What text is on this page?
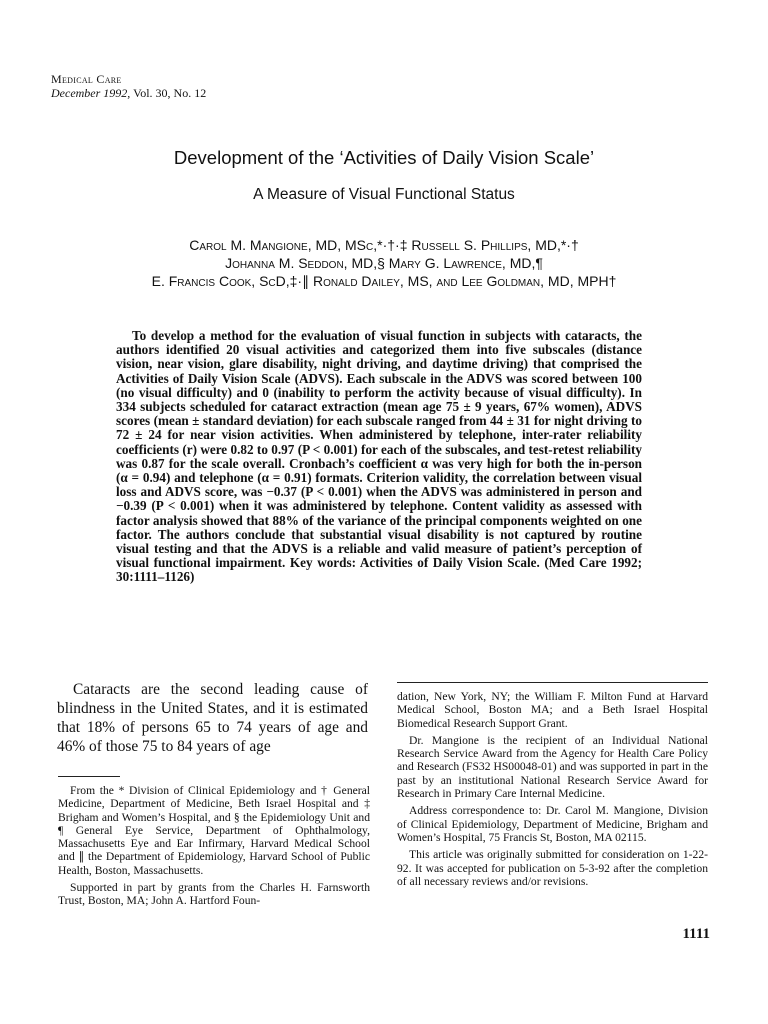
Medical Care
December 1992, Vol. 30, No. 12
Development of the ‘Activities of Daily Vision Scale’
A Measure of Visual Functional Status
Carol M. Mangione, MD, MSc,*·†·‡ Russell S. Phillips, MD,*·†
Johanna M. Seddon, MD,§ Mary G. Lawrence, MD,¶
E. Francis Cook, ScD,‡·∥ Ronald Dailey, MS, and Lee Goldman, MD, MPH†

To develop a method for the evaluation of visual function in subjects with cataracts, the authors identified 20 visual activities and categorized them into five subscales (distance vision, near vision, glare disability, night driving, and daytime driving) that comprised the Activities of Daily Vision Scale (ADVS). Each subscale in the ADVS was scored between 100 (no visual difficulty) and 0 (inability to perform the activity because of visual difficulty). In 334 subjects scheduled for cataract extraction (mean age 75 ± 9 years, 67% women), ADVS scores (mean ± standard deviation) for each subscale ranged from 44 ± 31 for night driving to 72 ± 24 for near vision activities. When administered by telephone, inter-rater reliability coefficients (r) were 0.82 to 0.97 (P < 0.001) for each of the subscales, and test-retest reliability was 0.87 for the scale overall. Cronbach’s coefficient α was very high for both the in-person (α = 0.94) and telephone (α = 0.91) formats. Criterion validity, the correlation between visual loss and ADVS score, was −0.37 (P < 0.001) when the ADVS was administered in person and −0.39 (P < 0.001) when it was administered by telephone. Content validity as assessed with factor analysis showed that 88% of the variance of the principal components weighted on one factor. The authors conclude that substantial visual disability is not captured by routine visual testing and that the ADVS is a reliable and valid measure of patient’s perception of visual functional impairment. Key words: Activities of Daily Vision Scale. (Med Care 1992; 30:1111–1126)

Cataracts are the second leading cause of blindness in the United States, and it is estimated that 18% of persons 65 to 74 years of age and 46% of those 75 to 84 years of age

From the * Division of Clinical Epidemiology and † General Medicine, Department of Medicine, Beth Israel Hospital and ‡ Brigham and Women’s Hospital, and § the Epidemiology Unit and ¶ General Eye Service, Department of Ophthalmology, Massachusetts Eye and Ear Infirmary, Harvard Medical School and ∥ the Department of Epidemiology, Harvard School of Public Health, Boston, Massachusetts.

Supported in part by grants from the Charles H. Farnsworth Trust, Boston, MA; John A. Hartford Foun-

dation, New York, NY; the William F. Milton Fund at Harvard Medical School, Boston MA; and a Beth Israel Hospital Biomedical Research Support Grant.

Dr. Mangione is the recipient of an Individual National Research Service Award from the Agency for Health Care Policy and Research (FS32 HS00048-01) and was supported in part in the past by an institutional National Research Service Award for Research in Primary Care Internal Medicine.

Address correspondence to: Dr. Carol M. Mangione, Division of Clinical Epidemiology, Department of Medicine, Brigham and Women’s Hospital, 75 Francis St, Boston, MA 02115.

This article was originally submitted for consideration on 1-22-92. It was accepted for publication on 5-3-92 after the completion of all necessary reviews and/or revisions.

1111
